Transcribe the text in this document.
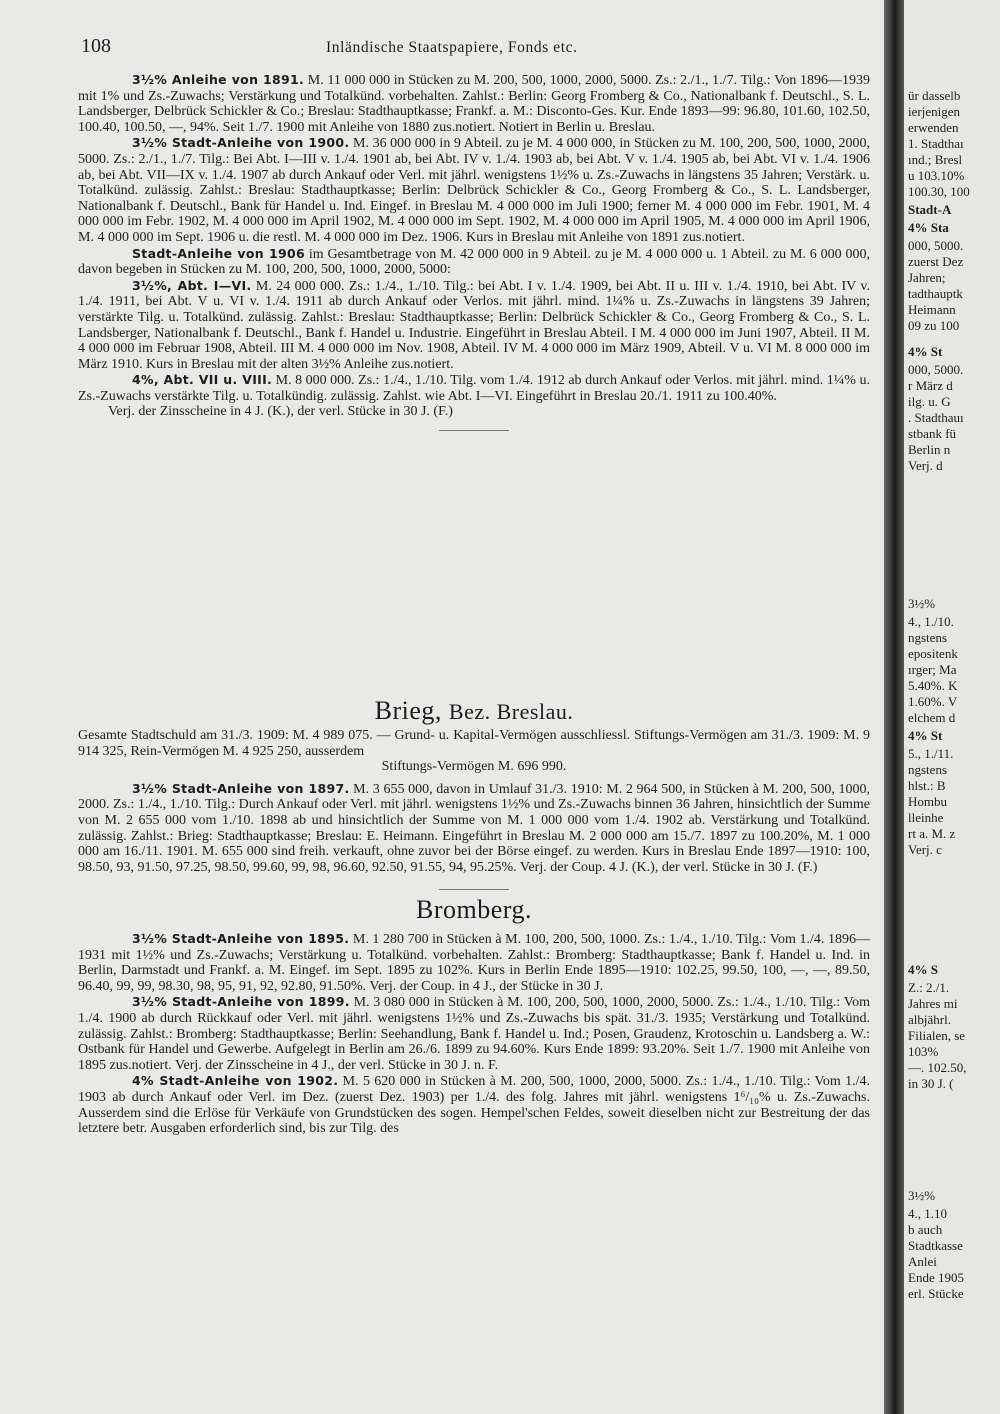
108	Inländische Staatspapiere, Fonds etc.

3½% Anleihe von 1891. M. 11 000 000 in Stücken zu M. 200, 500, 1000, 2000, 5000. Zs.: 2./1., 1./7. Tilg.: Von 1896—1939 mit 1% und Zs.-Zuwachs; Verstärkung und Totalkünd. vorbehalten. Zahlst.: Berlin: Georg Fromberg & Co., Nationalbank f. Deutschl., S. L. Landsberger, Delbrück Schickler & Co.; Breslau: Stadthauptkasse; Frankf. a. M.: Disconto-Ges. Kur. Ende 1893—99: 96.80, 101.60, 102.50, 100.40, 100.50, —, 94%. Seit 1./7. 1900 mit Anleihe von 1880 zus.notiert. Notiert in Berlin u. Breslau.

3½% Stadt-Anleihe von 1900. M. 36 000 000 in 9 Abteil. zu je M. 4 000 000, in Stücken zu M. 100, 200, 500, 1000, 2000, 5000. Zs.: 2./1., 1./7. Tilg.: Bei Abt. I—III v. 1./4. 1901 ab, bei Abt. IV v. 1./4. 1903 ab, bei Abt. V v. 1./4. 1905 ab, bei Abt. VI v. 1./4. 1906 ab, bei Abt. VII—IX v. 1./4. 1907 ab durch Ankauf oder Verl. mit jährl. wenigstens 1½% u. Zs.-Zuwachs in längstens 35 Jahren; Verstärk. u. Totalkünd. zulässig. Zahlst.: Breslau: Stadthauptkasse; Berlin: Delbrück Schickler & Co., Georg Fromberg & Co., S. L. Landsberger, Nationalbank f. Deutschl., Bank für Handel u. Ind. Eingef. in Breslau M. 4 000 000 im Juli 1900; ferner M. 4 000 000 im Febr. 1901, M. 4 000 000 im Febr. 1902, M. 4 000 000 im April 1902, M. 4 000 000 im Sept. 1902, M. 4 000 000 im April 1905, M. 4 000 000 im April 1906, M. 4 000 000 im Sept. 1906 u. die restl. M. 4 000 000 im Dez. 1906. Kurs in Breslau mit Anleihe von 1891 zus.notiert.

Stadt-Anleihe von 1906 im Gesamtbetrage von M. 42 000 000 in 9 Abteil. zu je M. 4 000 000 u. 1 Abteil. zu M. 6 000 000, davon begeben in Stücken zu M. 100, 200, 500, 1000, 2000, 5000:

3½%, Abt. I—VI. M. 24 000 000. Zs.: 1./4., 1./10. Tilg.: bei Abt. I v. 1./4. 1909, bei Abt. II u. III v. 1./4. 1910, bei Abt. IV v. 1./4. 1911, bei Abt. V u. VI v. 1./4. 1911 ab durch Ankauf oder Verlos. mit jährl. mind. 1¼% u. Zs.-Zuwachs in längstens 39 Jahren; verstärkte Tilg. u. Totalkünd. zulässig. Zahlst.: Breslau: Stadthauptkasse; Berlin: Delbrück Schickler & Co., Georg Fromberg & Co., S. L. Landsberger, Nationalbank f. Deutschl., Bank f. Handel u. Industrie. Eingeführt in Breslau Abteil. I M. 4 000 000 im Juni 1907, Abteil. II M. 4 000 000 im Februar 1908, Abteil. III M. 4 000 000 im Nov. 1908, Abteil. IV M. 4 000 000 im März 1909, Abteil. V u. VI M. 8 000 000 im März 1910. Kurs in Breslau mit der alten 3½% Anleihe zus.notiert.

4%, Abt. VII u. VIII. M. 8 000 000. Zs.: 1./4., 1./10. Tilg. vom 1./4. 1912 ab durch Ankauf oder Verlos. mit jährl. mind. 1¼% u. Zs.-Zuwachs verstärkte Tilg. u. Totalkündig. zulässig. Zahlst. wie Abt. I—VI. Eingeführt in Breslau 20./1. 1911 zu 100.40%.

Verj. der Zinsscheine in 4 J. (K.), der verl. Stücke in 30 J. (F.)

Brieg, Bez. Breslau.

Gesamte Stadtschuld am 31./3. 1909: M. 4 989 075. — Grund- u. Kapital-Vermögen ausschliessl. Stiftungs-Vermögen am 31./3. 1909: M. 9 914 325, Rein-Vermögen M. 4 925 250, ausserdem

Stiftungs-Vermögen M. 696 990.

3½% Stadt-Anleihe von 1897. M. 3 655 000, davon in Umlauf 31./3. 1910: M. 2 964 500, in Stücken à M. 200, 500, 1000, 2000. Zs.: 1./4., 1./10. Tilg.: Durch Ankauf oder Verl. mit jährl. wenigstens 1½% und Zs.-Zuwachs binnen 36 Jahren, hinsichtlich der Summe von M. 2 655 000 vom 1./10. 1898 ab und hinsichtlich der Summe von M. 1 000 000 vom 1./4. 1902 ab. Verstärkung und Totalkünd. zulässig. Zahlst.: Brieg: Stadthauptkasse; Breslau: E. Heimann. Eingeführt in Breslau M. 2 000 000 am 15./7. 1897 zu 100.20%, M. 1 000 000 am 16./11. 1901. M. 655 000 sind freih. verkauft, ohne zuvor bei der Börse eingef. zu werden. Kurs in Breslau Ende 1897—1910: 100, 98.50, 93, 91.50, 97.25, 98.50, 99.60, 99, 98, 96.60, 92.50, 91.55, 94, 95.25%. Verj. der Coup. 4 J. (K.), der verl. Stücke in 30 J. (F.)

Bromberg.

3½% Stadt-Anleihe von 1895. M. 1 280 700 in Stücken à M. 100, 200, 500, 1000. Zs.: 1./4., 1./10. Tilg.: Vom 1./4. 1896—1931 mit 1½% und Zs.-Zuwachs; Verstärkung u. Totalkünd. vorbehalten. Zahlst.: Bromberg: Stadthauptkasse; Bank f. Handel u. Ind. in Berlin, Darmstadt und Frankf. a. M. Eingef. im Sept. 1895 zu 102%. Kurs in Berlin Ende 1895—1910: 102.25, 99.50, 100, —, —, 89.50, 96.40, 99, 99, 98.30, 98, 95, 91, 92, 92.80, 91.50%. Verj. der Coup. in 4 J., der Stücke in 30 J.

3½% Stadt-Anleihe von 1899. M. 3 080 000 in Stücken à M. 100, 200, 500, 1000, 2000, 5000. Zs.: 1./4., 1./10. Tilg.: Vom 1./4. 1900 ab durch Rückkauf oder Verl. mit jährl. wenigstens 1½% und Zs.-Zuwachs bis spät. 31./3. 1935; Verstärkung und Totalkünd. zulässig. Zahlst.: Bromberg: Stadthauptkasse; Berlin: Seehandlung, Bank f. Handel u. Ind.; Posen, Graudenz, Krotoschin u. Landsberg a. W.: Ostbank für Handel und Gewerbe. Aufgelegt in Berlin am 26./6. 1899 zu 94.60%. Kurs Ende 1899: 93.20%. Seit 1./7. 1900 mit Anleihe von 1895 zus.notiert. Verj. der Zinsscheine in 4 J., der verl. Stücke in 30 J. n. F.

4% Stadt-Anleihe von 1902. M. 5 620 000 in Stücken à M. 200, 500, 1000, 2000, 5000. Zs.: 1./4., 1./10. Tilg.: Vom 1./4. 1903 ab durch Ankauf oder Verl. im Dez. (zuerst Dez. 1903) per 1./4. des folg. Jahres mit jährl. wenigstens 1⁶/₁₀% u. Zs.-Zuwachs. Ausserdem sind die Erlöse für Verkäufe von Grundstücken des sogen. Hempel'schen Feldes, soweit dieselben nicht zur Bestreitung der das letztere betr. Ausgaben erforderlich sind, bis zur Tilg. des

ür dasselb
ierjenigen
erwenden
1. Stadthaı
ınd.; Bresl
u 103.10%
100.30, 100
Stadt-A
4% Sta
000, 5000.
zuerst Dez
Jahren;
tadthauptk
Heimann
09 zu 100
4% St
000, 5000.
r März d
ilg. u. G
. Stadthauı
stbank fü
Berlin n
Verj. d
3½%
4., 1./10.
ngstens
epositenk
ırger; Ma
5.40%. K
1.60%. V
elchem d
4% St
5., 1./11.
ngstens
hlst.: B
Hombu
lleinhe
rt a. M. z
Verj. c
4% S
Z.: 2./1.
Jahres mi
albjährl.
Filialen, se
103%
—. 102.50,
in 30 J. (
3½%
4., 1.10
b auch
Stadtkasse
Anlei
Ende 1905
erl. Stücke
